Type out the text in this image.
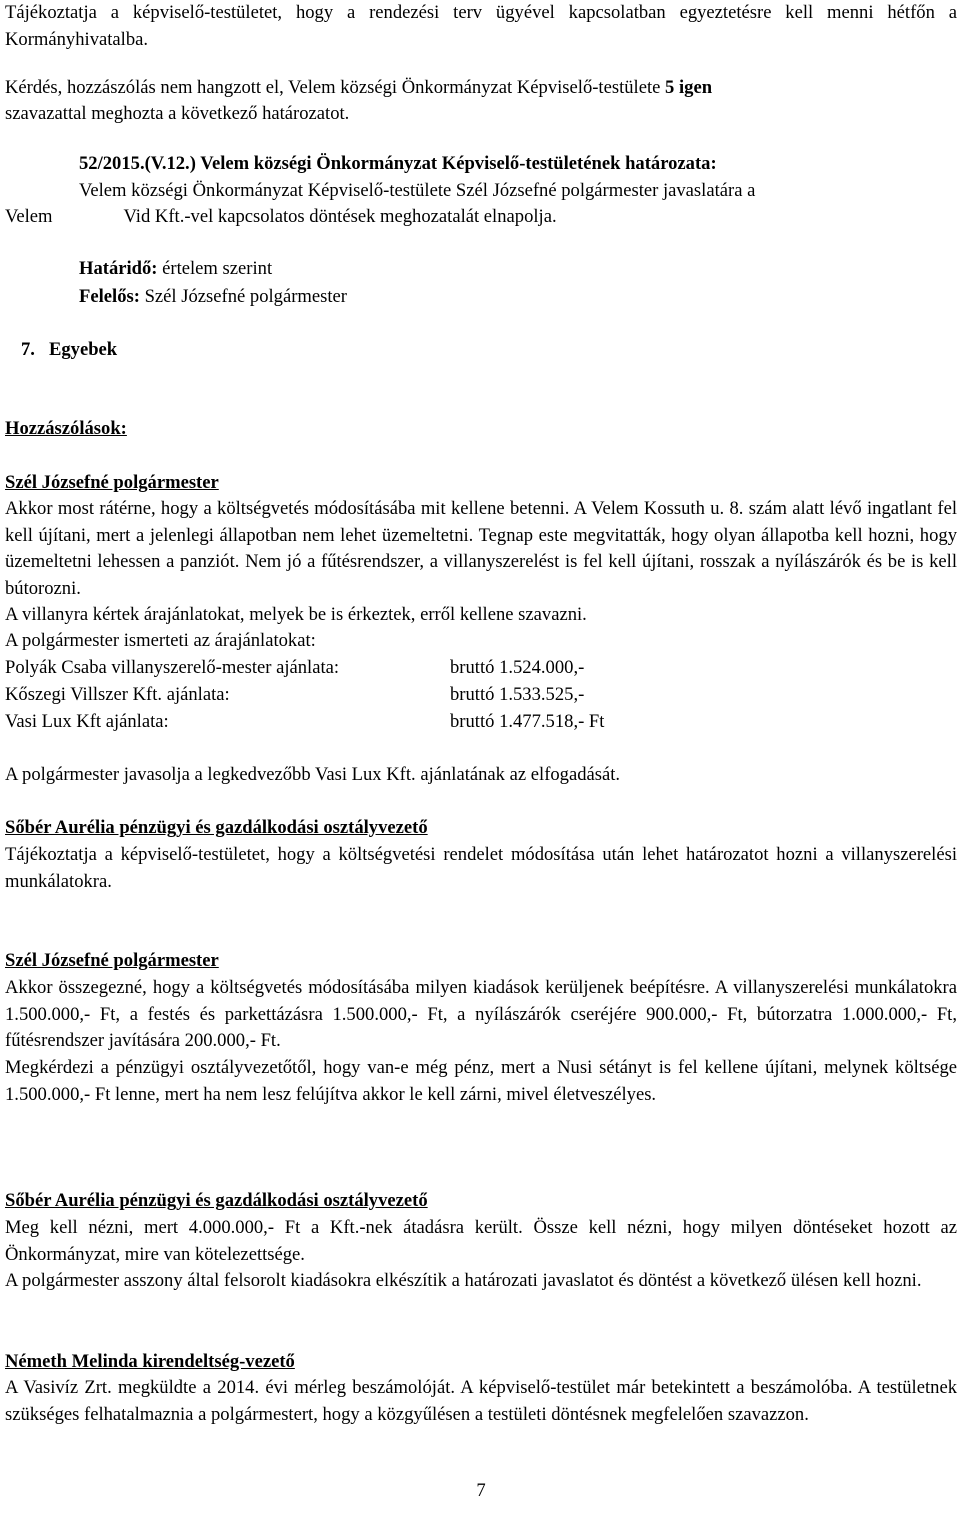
Tájékoztatja a képviselő-testületet, hogy a rendezési terv ügyével kapcsolatban egyeztetésre kell menni hétfőn a Kormányhivatalba.

Kérdés, hozzászólás nem hangzott el, Velem községi Önkormányzat Képviselő-testülete 5 igen

szavazattal meghozta a következő határozatot.

52/2015.(V.12.) Velem községi Önkormányzat Képviselő-testületének határozata:

Velem községi Önkormányzat Képviselő-testülete Szél Józsefné polgármester javaslatára a

Velem	Vid Kft.-vel kapcsolatos döntések meghozatalát elnapolja.

Határidő: értelem szerint

Felelős: Szél Józsefné polgármester

7. Egyebek

Hozzászólások:

Szél Józsefné polgármester

Akkor most rátérne, hogy a költségvetés módosításába mit kellene betenni. A Velem Kossuth u. 8. szám alatt lévő ingatlant fel kell újítani, mert a jelenlegi állapotban nem lehet üzemeltetni. Tegnap este megvitatták, hogy olyan állapotba kell hozni, hogy üzemeltetni lehessen a panziót. Nem jó a fűtésrendszer, a villanyszerelést is fel kell újítani, rosszak a nyílászárók és be is kell bútorozni.

A villanyra kértek árajánlatokat, melyek be is érkeztek, erről kellene szavazni.

A polgármester ismerteti az árajánlatokat:

Polyák Csaba villanyszerelő-mester ajánlata:	bruttó 1.524.000,-
Kőszegi Villszer Kft. ajánlata:	bruttó 1.533.525,-
Vasi Lux Kft ajánlata:	bruttó 1.477.518,- Ft

A polgármester javasolja a legkedvezőbb Vasi Lux Kft. ajánlatának az elfogadását.

Sőbér Aurélia pénzügyi és gazdálkodási osztályvezető

Tájékoztatja a képviselő-testületet, hogy a költségvetési rendelet módosítása után lehet határozatot hozni a villanyszerelési munkálatokra.

Szél Józsefné polgármester

Akkor összegezné, hogy a költségvetés módosításába milyen kiadások kerüljenek beépítésre. A villanyszerelési munkálatokra 1.500.000,- Ft, a festés és parkettázásra 1.500.000,- Ft, a nyílászárók cseréjére 900.000,- Ft, bútorzatra 1.000.000,- Ft, fűtésrendszer javítására 200.000,- Ft.

Megkérdezi a pénzügyi osztályvezetőtől, hogy van-e még pénz, mert a Nusi sétányt is fel kellene újítani, melynek költsége 1.500.000,- Ft lenne, mert ha nem lesz felújítva akkor le kell zárni, mivel életveszélyes.

Sőbér Aurélia pénzügyi és gazdálkodási osztályvezető

Meg kell nézni, mert 4.000.000,- Ft a Kft.-nek átadásra került. Össze kell nézni, hogy milyen döntéseket hozott az Önkormányzat, mire van kötelezettsége.

A polgármester asszony által felsorolt kiadásokra elkészítik a határozati javaslatot és döntést a következő ülésen kell hozni.

Németh Melinda kirendeltség-vezető

A Vasivíz Zrt. megküldte a 2014. évi mérleg beszámolóját. A képviselő-testület már betekintett a beszámolóba. A testületnek szükséges felhatalmaznia a polgármestert, hogy a közgyűlésen a testületi döntésnek megfelelően szavazzon.

7
